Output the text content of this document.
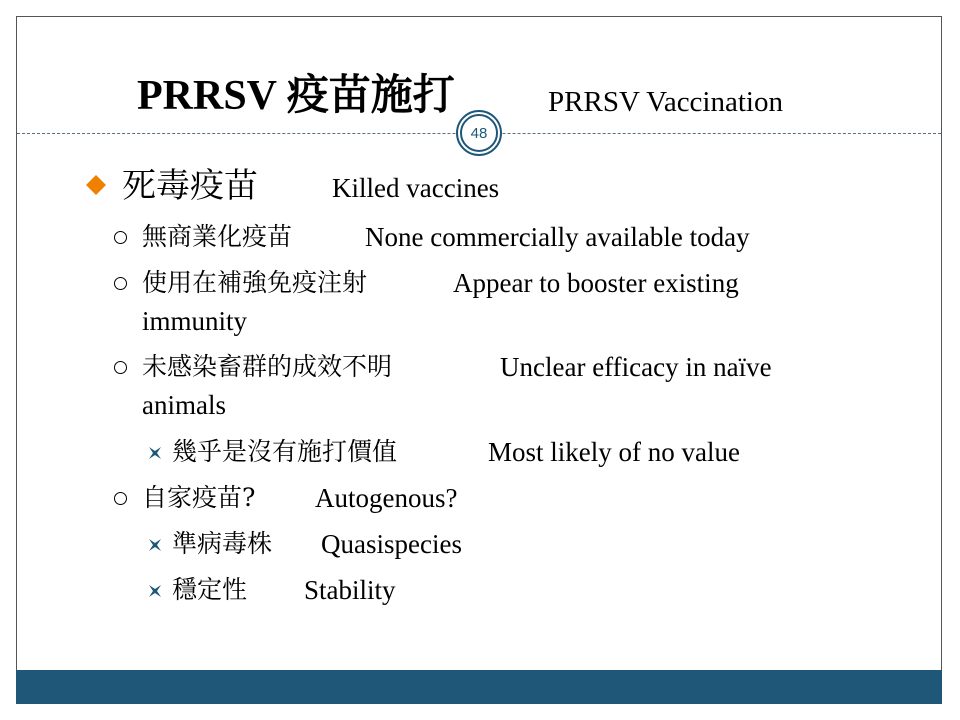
PRRSV 疫苗施打	PRRSV Vaccination
48
死毒疫苗	Killed vaccines
無商業化疫苗	None commercially available today
使用在補強免疫注射	Appear to booster existing
immunity
未感染畜群的成效不明	Unclear efficacy in naïve
animals
幾乎是沒有施打價值	Most likely of no value
自家疫苗? Autogenous?
準病毒株 Quasispecies
穩定性 Stability
